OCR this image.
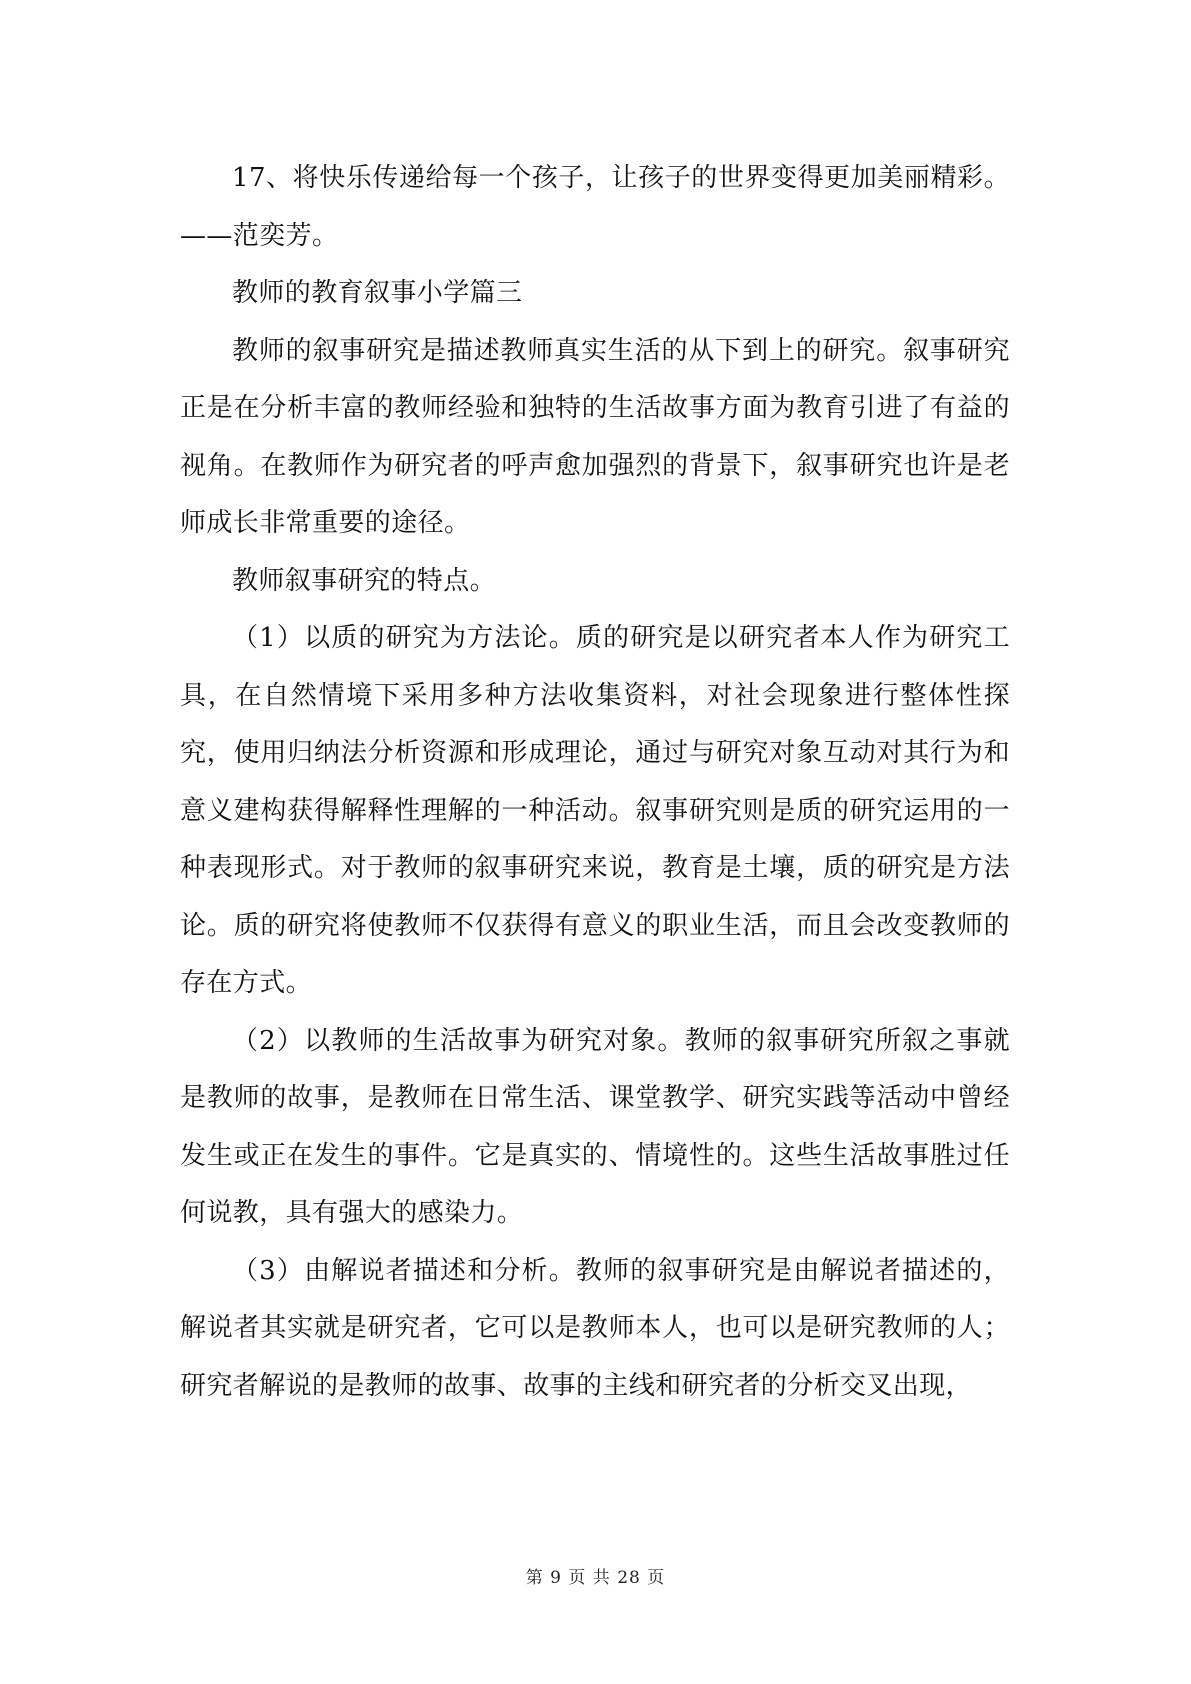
17、将快乐传递给每一个孩子，让孩子的世界变得更加美丽精彩。——范奕芳。

教师的教育叙事小学篇三

教师的叙事研究是描述教师真实生活的从下到上的研究。叙事研究正是在分析丰富的教师经验和独特的生活故事方面为教育引进了有益的视角。在教师作为研究者的呼声愈加强烈的背景下，叙事研究也许是老师成长非常重要的途径。

教师叙事研究的特点。

（1）以质的研究为方法论。质的研究是以研究者本人作为研究工具，在自然情境下采用多种方法收集资料，对社会现象进行整体性探究，使用归纳法分析资源和形成理论，通过与研究对象互动对其行为和意义建构获得解释性理解的一种活动。叙事研究则是质的研究运用的一种表现形式。对于教师的叙事研究来说，教育是土壤，质的研究是方法论。质的研究将使教师不仅获得有意义的职业生活，而且会改变教师的存在方式。

（2）以教师的生活故事为研究对象。教师的叙事研究所叙之事就是教师的故事，是教师在日常生活、课堂教学、研究实践等活动中曾经发生或正在发生的事件。它是真实的、情境性的。这些生活故事胜过任何说教，具有强大的感染力。

（3）由解说者描述和分析。教师的叙事研究是由解说者描述的，解说者其实就是研究者，它可以是教师本人，也可以是研究教师的人；研究者解说的是教师的故事、故事的主线和研究者的分析交叉出现，

第 9 页 共 28 页
